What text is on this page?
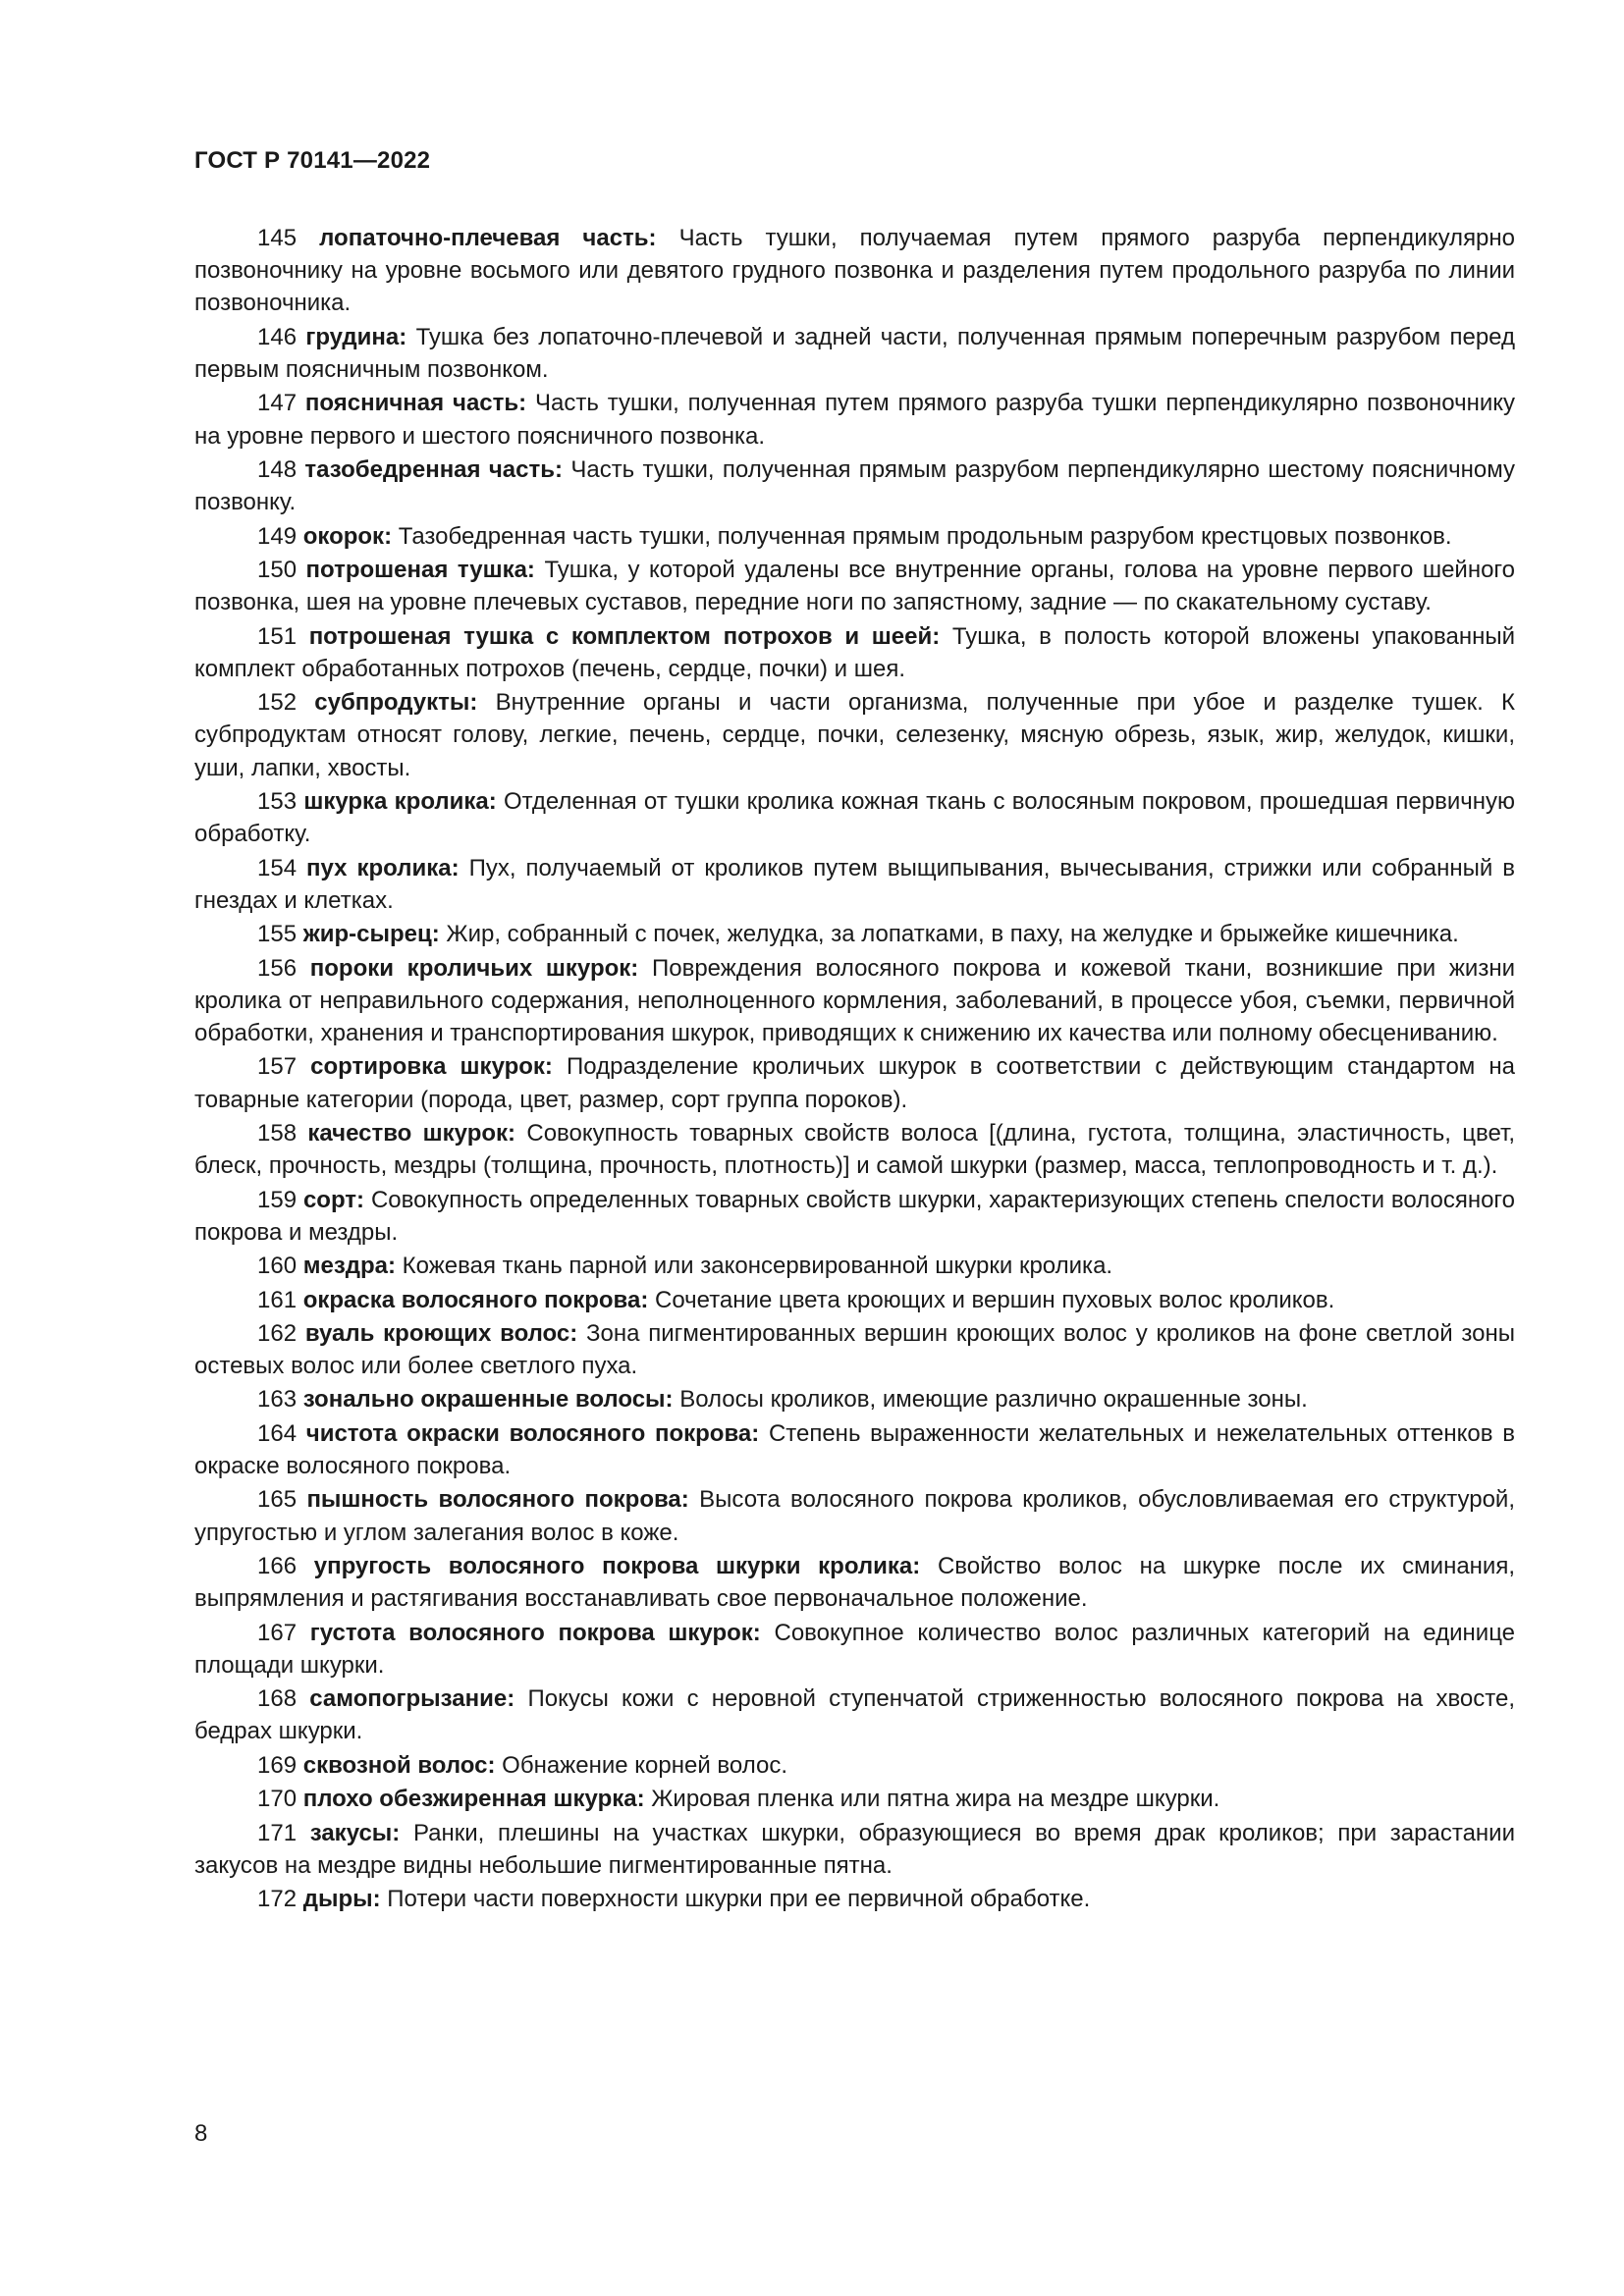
ГОСТ Р 70141—2022

145 лопаточно-плечевая часть: Часть тушки, получаемая путем прямого разруба перпендикулярно позвоночнику на уровне восьмого или девятого грудного позвонка и разделения путем продольного разруба по линии позвоночника.

146 грудина: Тушка без лопаточно-плечевой и задней части, полученная прямым поперечным разрубом перед первым поясничным позвонком.

147 поясничная часть: Часть тушки, полученная путем прямого разруба тушки перпендикулярно позвоночнику на уровне первого и шестого поясничного позвонка.

148 тазобедренная часть: Часть тушки, полученная прямым разрубом перпендикулярно шестому поясничному позвонку.

149 окорок: Тазобедренная часть тушки, полученная прямым продольным разрубом крестцовых позвонков.

150 потрошеная тушка: Тушка, у которой удалены все внутренние органы, голова на уровне первого шейного позвонка, шея на уровне плечевых суставов, передние ноги по запястному, задние — по скакательному суставу.

151 потрошеная тушка с комплектом потрохов и шеей: Тушка, в полость которой вложены упакованный комплект обработанных потрохов (печень, сердце, почки) и шея.

152 субпродукты: Внутренние органы и части организма, полученные при убое и разделке тушек. К субпродуктам относят голову, легкие, печень, сердце, почки, селезенку, мясную обрезь, язык, жир, желудок, кишки, уши, лапки, хвосты.

153 шкурка кролика: Отделенная от тушки кролика кожная ткань с волосяным покровом, прошедшая первичную обработку.

154 пух кролика: Пух, получаемый от кроликов путем выщипывания, вычесывания, стрижки или собранный в гнездах и клетках.

155 жир-сырец: Жир, собранный с почек, желудка, за лопатками, в паху, на желудке и брыжейке кишечника.

156 пороки кроличьих шкурок: Повреждения волосяного покрова и кожевой ткани, возникшие при жизни кролика от неправильного содержания, неполноценного кормления, заболеваний, в процессе убоя, съемки, первичной обработки, хранения и транспортирования шкурок, приводящих к снижению их качества или полному обесцениванию.

157 сортировка шкурок: Подразделение кроличьих шкурок в соответствии с действующим стандартом на товарные категории (порода, цвет, размер, сорт группа пороков).

158 качество шкурок: Совокупность товарных свойств волоса [(длина, густота, толщина, эластичность, цвет, блеск, прочность, мездры (толщина, прочность, плотность)] и самой шкурки (размер, масса, теплопроводность и т. д.).

159 сорт: Совокупность определенных товарных свойств шкурки, характеризующих степень спелости волосяного покрова и мездры.

160 мездра: Кожевая ткань парной или законсервированной шкурки кролика.

161 окраска волосяного покрова: Сочетание цвета кроющих и вершин пуховых волос кроликов.

162 вуаль кроющих волос: Зона пигментированных вершин кроющих волос у кроликов на фоне светлой зоны остевых волос или более светлого пуха.

163 зонально окрашенные волосы: Волосы кроликов, имеющие различно окрашенные зоны.

164 чистота окраски волосяного покрова: Степень выраженности желательных и нежелательных оттенков в окраске волосяного покрова.

165 пышность волосяного покрова: Высота волосяного покрова кроликов, обусловливаемая его структурой, упругостью и углом залегания волос в коже.

166 упругость волосяного покрова шкурки кролика: Свойство волос на шкурке после их сминания, выпрямления и растягивания восстанавливать свое первоначальное положение.

167 густота волосяного покрова шкурок: Совокупное количество волос различных категорий на единице площади шкурки.

168 самопогрызание: Покусы кожи с неровной ступенчатой стриженностью волосяного покрова на хвосте, бедрах шкурки.

169 сквозной волос: Обнажение корней волос.

170 плохо обезжиренная шкурка: Жировая пленка или пятна жира на мездре шкурки.

171 закусы: Ранки, плешины на участках шкурки, образующиеся во время драк кроликов; при зарастании закусов на мездре видны небольшие пигментированные пятна.

172 дыры: Потери части поверхности шкурки при ее первичной обработке.

8
